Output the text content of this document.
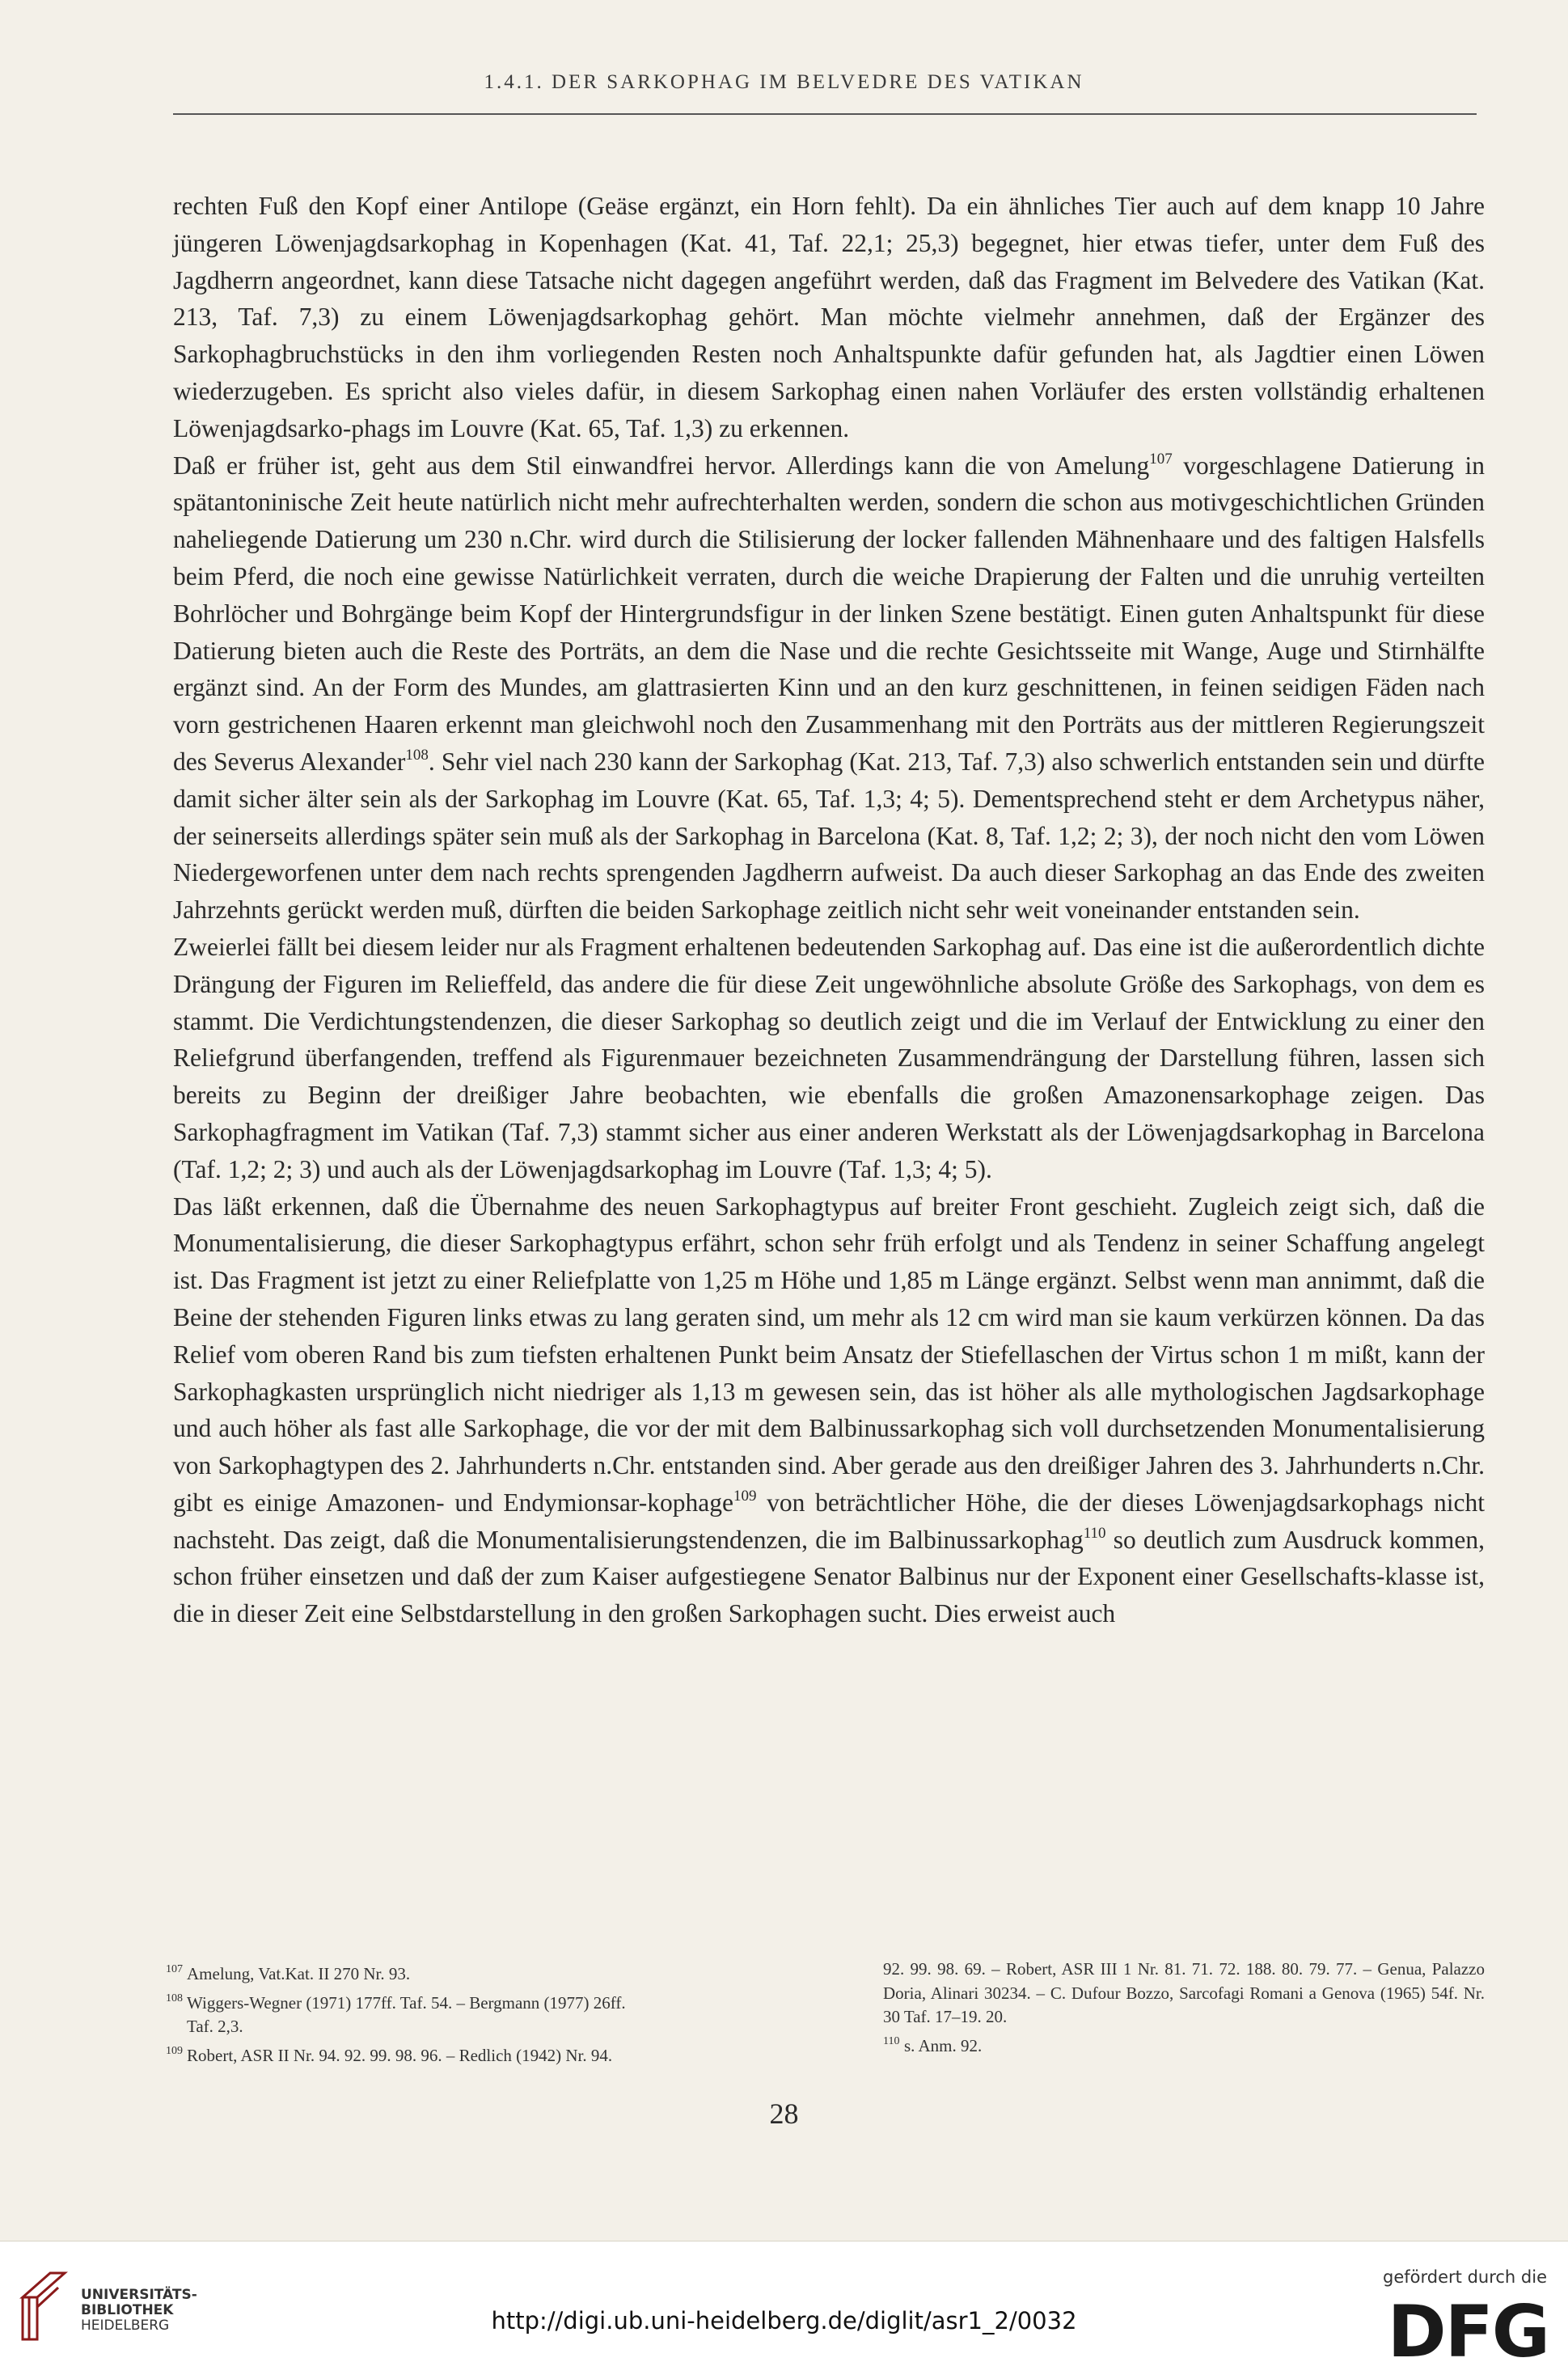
1.4.1. DER SARKOPHAG IM BELVEDRE DES VATIKAN

rechten Fuß den Kopf einer Antilope (Geäse ergänzt, ein Horn fehlt). Da ein ähnliches Tier auch auf dem knapp 10 Jahre jüngeren Löwenjagdsarkophag in Kopenhagen (Kat. 41, Taf. 22,1; 25,3) begegnet, hier etwas tiefer, unter dem Fuß des Jagdherrn angeordnet, kann diese Tatsache nicht dagegen angeführt werden, daß das Fragment im Belvedere des Vatikan (Kat. 213, Taf. 7,3) zu einem Löwenjagdsarkophag gehört. Man möchte vielmehr annehmen, daß der Ergänzer des Sarkophagbruchstücks in den ihm vorliegenden Resten noch Anhaltspunkte dafür gefunden hat, als Jagdtier einen Löwen wiederzugeben. Es spricht also vieles dafür, in diesem Sarkophag einen nahen Vorläufer des ersten vollständig erhaltenen Löwenjagdsarko-phags im Louvre (Kat. 65, Taf. 1,3) zu erkennen.

Daß er früher ist, geht aus dem Stil einwandfrei hervor. Allerdings kann die von Amelung$^{107}$ vorgeschlagene Datierung in spätantoninische Zeit heute natürlich nicht mehr aufrechterhalten werden, sondern die schon aus motivgeschichtlichen Gründen naheliegende Datierung um 230 n.Chr. wird durch die Stilisierung der locker fallenden Mähnenhaare und des faltigen Halsfells beim Pferd, die noch eine gewisse Natürlichkeit verraten, durch die weiche Drapierung der Falten und die unruhig verteilten Bohrlöcher und Bohrgänge beim Kopf der Hintergrundsfigur in der linken Szene bestätigt. Einen guten Anhaltspunkt für diese Datierung bieten auch die Reste des Porträts, an dem die Nase und die rechte Gesichtsseite mit Wange, Auge und Stirnhälfte ergänzt sind. An der Form des Mundes, am glattrasierten Kinn und an den kurz geschnittenen, in feinen seidigen Fäden nach vorn gestrichenen Haaren erkennt man gleichwohl noch den Zusammenhang mit den Porträts aus der mittleren Regierungszeit des Severus Alexander$^{108}$. Sehr viel nach 230 kann der Sarkophag (Kat. 213, Taf. 7,3) also schwerlich entstanden sein und dürfte damit sicher älter sein als der Sarkophag im Louvre (Kat. 65, Taf. 1,3; 4; 5). Dementsprechend steht er dem Archetypus näher, der seinerseits allerdings später sein muß als der Sarkophag in Barcelona (Kat. 8, Taf. 1,2; 2; 3), der noch nicht den vom Löwen Niedergeworfenen unter dem nach rechts sprengenden Jagdherrn aufweist. Da auch dieser Sarkophag an das Ende des zweiten Jahrzehnts gerückt werden muß, dürften die beiden Sarkophage zeitlich nicht sehr weit voneinander entstanden sein.

Zweierlei fällt bei diesem leider nur als Fragment erhaltenen bedeutenden Sarkophag auf. Das eine ist die außerordentlich dichte Drängung der Figuren im Relieffeld, das andere die für diese Zeit ungewöhnliche absolute Größe des Sarkophags, von dem es stammt. Die Verdichtungstendenzen, die dieser Sarkophag so deutlich zeigt und die im Verlauf der Entwicklung zu einer den Reliefgrund überfangenden, treffend als Figurenmauer bezeichneten Zusammendrängung der Darstellung führen, lassen sich bereits zu Beginn der dreißiger Jahre beobachten, wie ebenfalls die großen Amazonensarkophage zeigen. Das Sarkophagfragment im Vatikan (Taf. 7,3) stammt sicher aus einer anderen Werkstatt als der Löwenjagdsarkophag in Barcelona (Taf. 1,2; 2; 3) und auch als der Löwenjagdsarkophag im Louvre (Taf. 1,3; 4; 5).

Das läßt erkennen, daß die Übernahme des neuen Sarkophagtypus auf breiter Front geschieht. Zugleich zeigt sich, daß die Monumentalisierung, die dieser Sarkophagtypus erfährt, schon sehr früh erfolgt und als Tendenz in seiner Schaffung angelegt ist. Das Fragment ist jetzt zu einer Reliefplatte von 1,25 m Höhe und 1,85 m Länge ergänzt. Selbst wenn man annimmt, daß die Beine der stehenden Figuren links etwas zu lang geraten sind, um mehr als 12 cm wird man sie kaum verkürzen können. Da das Relief vom oberen Rand bis zum tiefsten erhaltenen Punkt beim Ansatz der Stiefellaschen der Virtus schon 1 m mißt, kann der Sarkophagkasten ursprünglich nicht niedriger als 1,13 m gewesen sein, das ist höher als alle mythologischen Jagdsarkophage und auch höher als fast alle Sarkophage, die vor der mit dem Balbinussarkophag sich voll durchsetzenden Monumentalisierung von Sarkophagtypen des 2. Jahrhunderts n.Chr. entstanden sind. Aber gerade aus den dreißiger Jahren des 3. Jahrhunderts n.Chr. gibt es einige Amazonen- und Endymionsar-kophage$^{109}$ von beträchtlicher Höhe, die der dieses Löwenjagdsarkophags nicht nachsteht. Das zeigt, daß die Monumentalisierungstendenzen, die im Balbinussarkophag$^{110}$ so deutlich zum Ausdruck kommen, schon früher einsetzen und daß der zum Kaiser aufgestiegene Senator Balbinus nur der Exponent einer Gesellschafts-klasse ist, die in dieser Zeit eine Selbstdarstellung in den großen Sarkophagen sucht. Dies erweist auch

107 Amelung, Vat.Kat. II 270 Nr. 93.
108 Wiggers-Wegner (1971) 177ff. Taf. 54. – Bergmann (1977) 26ff.
Taf. 2,3.
109 Robert, ASR II Nr. 94. 92. 99. 98. 96. – Redlich (1942) Nr. 94.
92. 99. 98. 69. – Robert, ASR III 1 Nr. 81. 71. 72. 188. 80. 79. 77. – Genua, Palazzo Doria, Alinari 30234. – C. Dufour Bozzo, Sarcofagi Romani a Genova (1965) 54f. Nr. 30 Taf. 17–19. 20.
110 s. Anm. 92.
28
UNIVERSITÄTS-
BIBLIOTHEK
HEIDELBERG	http://digi.ub.uni-heidelberg.de/diglit/asr1_2/0032
gefördert durch die
DFG
